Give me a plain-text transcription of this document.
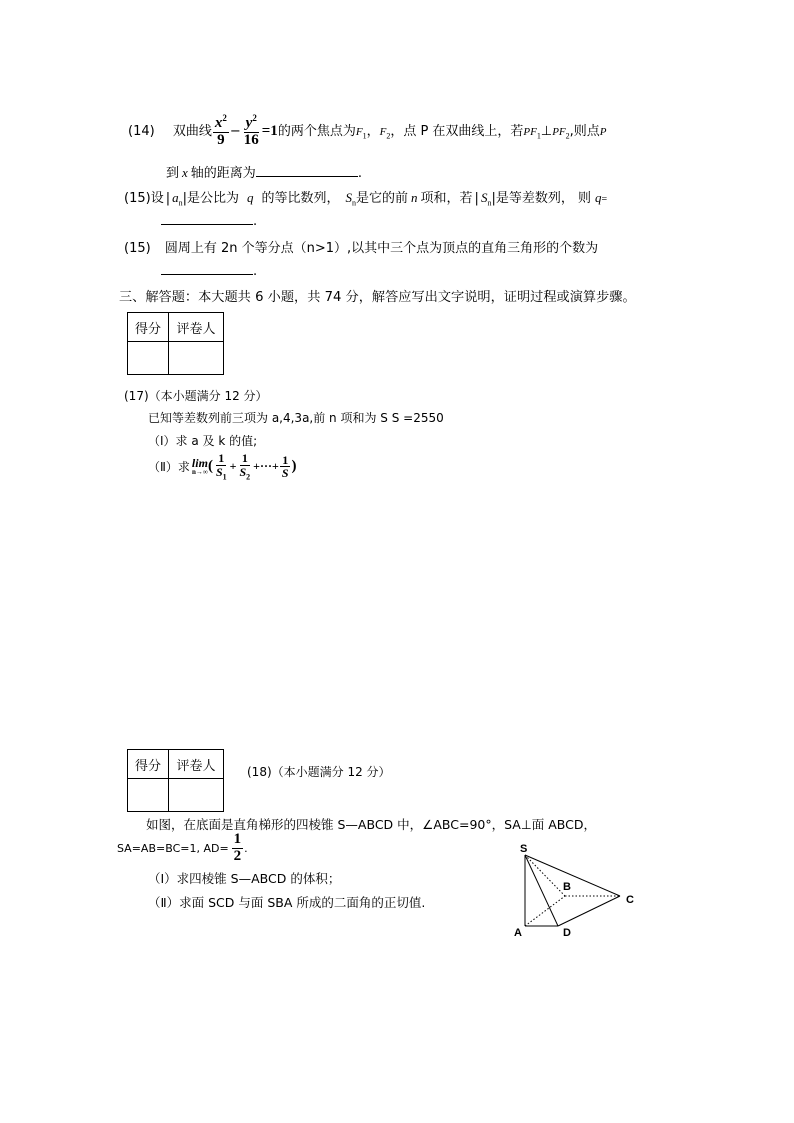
(14) 双曲线 $\frac{x^2}{9} - \frac{y^2}{16} =1$的两个焦点为$F_1$，$F_2$，点 P 在双曲线上，若$PF_1\perp PF_2$,则点P
到 x 轴的距离为	.
(15)设 | $a_n|$是公比为 q 的等比数列， $S_n$是它的前 n 项和，若 | $S_n|$是等差数列， 则 q=
.
(15) 圆周上有 2n 个等分点（n>1）,以其中三个点为顶点的直角三角形的个数为
.
三、解答题：本大题共 6 小题，共 74 分，解答应写出文字说明，证明过程或演算步骤。
得分	评卷人

(17)（本小题满分 12 分）
已知等差数列前三项为 a,4,3a,前 n 项和为 S S =2550
（Ⅰ）求 a 及 k 的值;
（Ⅱ）求 lim
n→∞ ( $\frac{1}{S_1} + \frac{1}{S_2}$ +···+ $\frac{1}{S}$ )
得分	评卷人
		(18)（本小题满分 12 分）
如图，在底面是直角梯形的四棱锥 S—ABCD 中，∠ABC=90°，SA⊥面 ABCD，
SA=AB=BC=1, $AD= \frac{1}{2}$ .
（Ⅰ）求四棱锥 S—ABCD 的体积；
（Ⅱ）求面 SCD 与面 SBA 所成的二面角的正切值.
S
B
C
A	D
